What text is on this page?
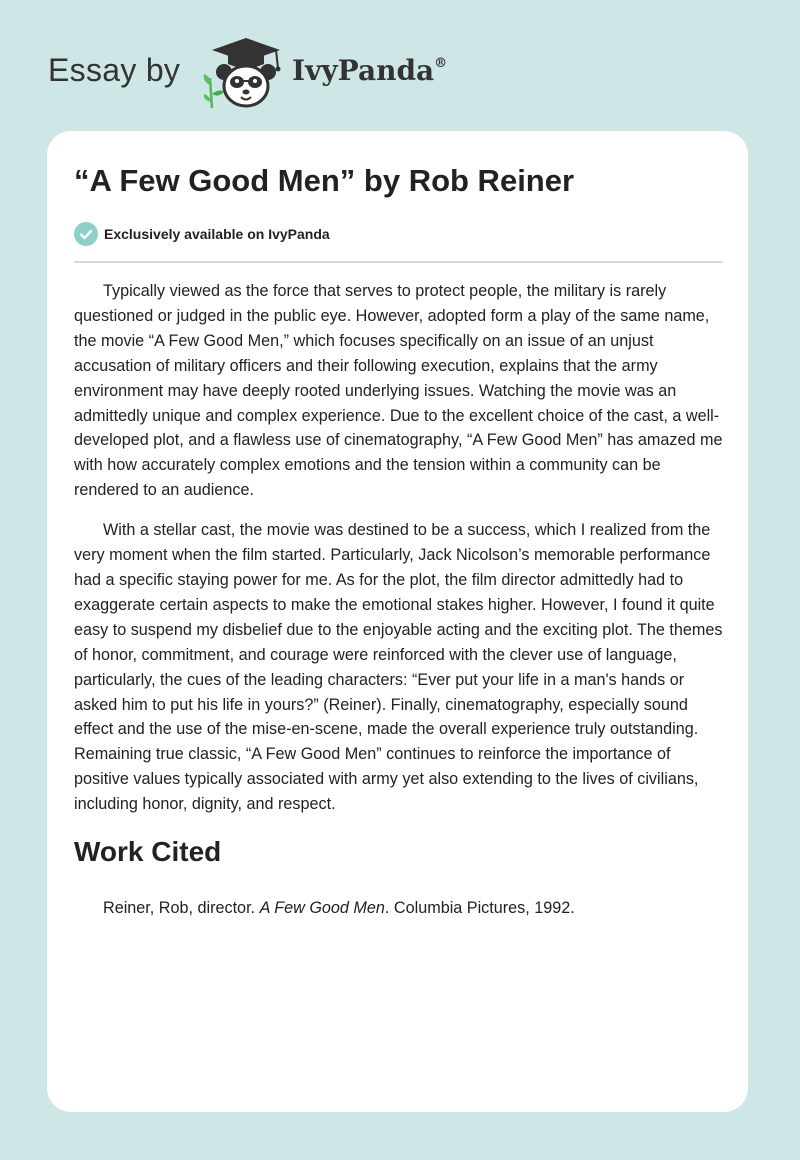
Essay by	IvyPanda®
“A Few Good Men” by Rob Reiner
Exclusively available on IvyPanda

Typically viewed as the force that serves to protect people, the military is rarely questioned or judged in the public eye. However, adopted form a play of the same name, the movie “A Few Good Men,” which focuses specifically on an issue of an unjust accusation of military officers and their following execution, explains that the army environment may have deeply rooted underlying issues. Watching the movie was an admittedly unique and complex experience. Due to the excellent choice of the cast, a well-developed plot, and a flawless use of cinematography, “A Few Good Men” has amazed me with how accurately complex emotions and the tension within a community can be rendered to an audience.

With a stellar cast, the movie was destined to be a success, which I realized from the very moment when the film started. Particularly, Jack Nicolson’s memorable performance had a specific staying power for me. As for the plot, the film director admittedly had to exaggerate certain aspects to make the emotional stakes higher. However, I found it quite easy to suspend my disbelief due to the enjoyable acting and the exciting plot. The themes of honor, commitment, and courage were reinforced with the clever use of language, particularly, the cues of the leading characters: “Ever put your life in a man's hands or asked him to put his life in yours?” (Reiner). Finally, cinematography, especially sound effect and the use of the mise-en-scene, made the overall experience truly outstanding. Remaining true classic, “A Few Good Men” continues to reinforce the importance of positive values typically associated with army yet also extending to the lives of civilians, including honor, dignity, and respect.

Work Cited

Reiner, Rob, director. A Few Good Men. Columbia Pictures, 1992.
